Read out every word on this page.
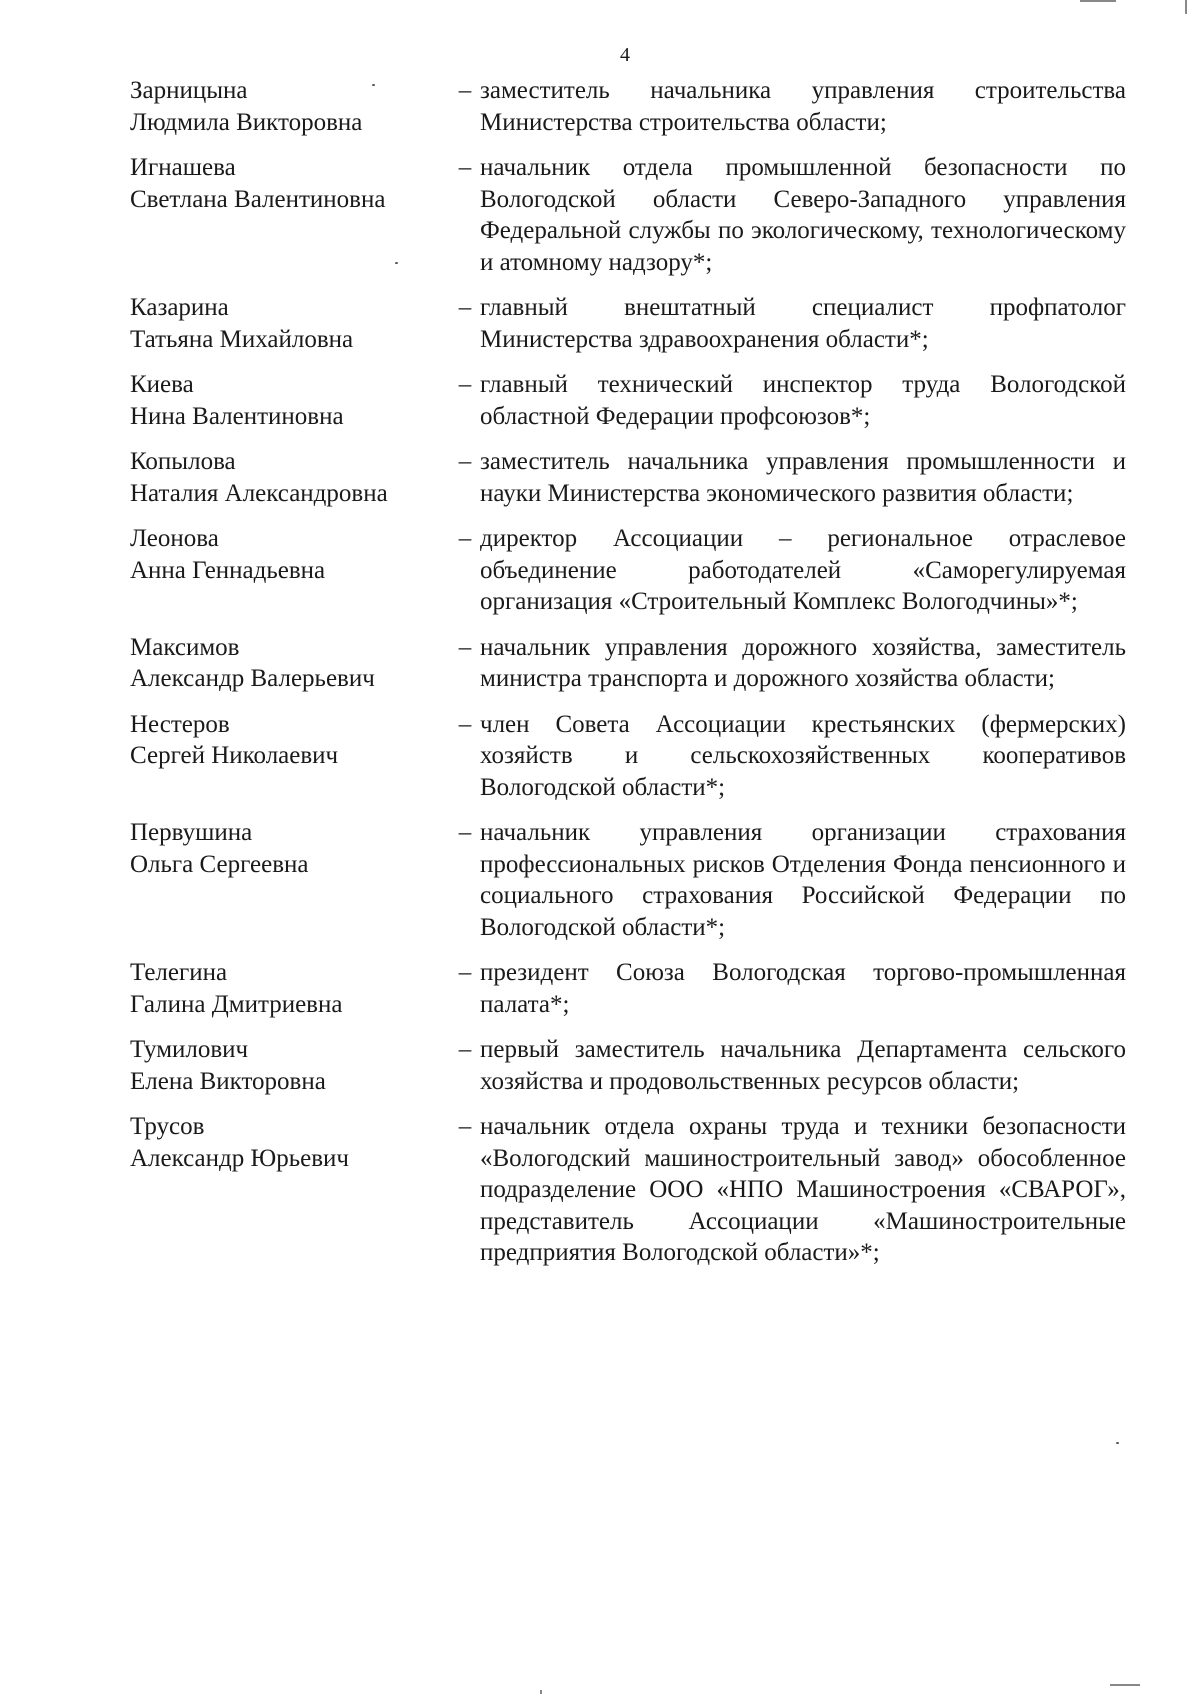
4
Зарницына
Людмила Викторовна
– заместитель начальника управления строительства Министерства строительства области;
Игнашева
Светлана Валентиновна
– начальник отдела промышленной безопасности по Вологодской области Северо-Западного управления Федеральной службы по экологическому, технологическому и атомному надзору*;
Казарина
Татьяна Михайловна
– главный внештатный специалист профпатолог Министерства здравоохранения области*;
Киева
Нина Валентиновна
– главный технический инспектор труда Вологодской областной Федерации профсоюзов*;
Копылова
Наталия Александровна
– заместитель начальника управления промышленности и науки Министерства экономического развития области;
Леонова
Анна Геннадьевна
– директор Ассоциации – региональное отраслевое объединение работодателей «Саморегулируемая организация «Строительный Комплекс Вологодчины»*;
Максимов
Александр Валерьевич
– начальник управления дорожного хозяйства, заместитель министра транспорта и дорожного хозяйства области;
Нестеров
Сергей Николаевич
– член Совета Ассоциации крестьянских (фермерских) хозяйств и сельскохозяйственных кооперативов Вологодской области*;
Первушина
Ольга Сергеевна
– начальник управления организации страхования профессиональных рисков Отделения Фонда пенсионного и социального страхования Российской Федерации по Вологодской области*;
Телегина
Галина Дмитриевна
– президент Союза Вологодская торгово-промышленная палата*;
Тумилович
Елена Викторовна
– первый заместитель начальника Департамента сельского хозяйства и продовольственных ресурсов области;
Трусов
Александр Юрьевич
– начальник отдела охраны труда и техники безопасности «Вологодский машиностроительный завод» обособленное подразделение ООО «НПО Машиностроения «СВАРОГ», представитель Ассоциации «Машиностроительные предприятия Вологодской области»*;
